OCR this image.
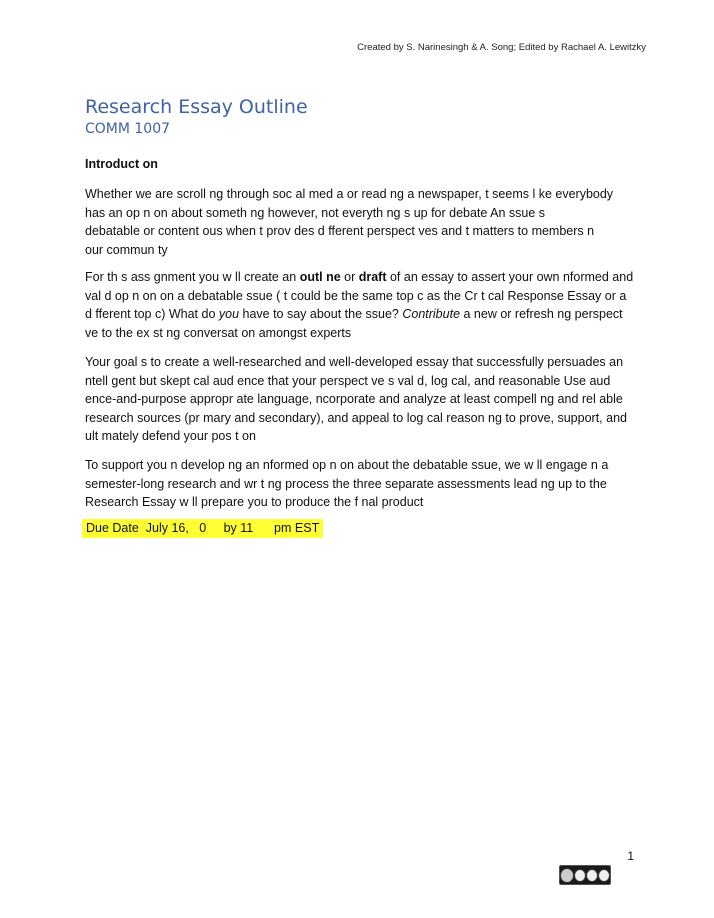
Created by S. Narinesingh & A. Song; Edited by Rachael A. Lewitzky
Research Essay Outline
COMM 1007
Introduct on
Whether we are scroll ng through soc al med a or read ng a newspaper, t seems l ke everybody
has an op n on about someth ng however, not everyth ng s up for debate An ssue s
debatable or content ous when t prov des d fferent perspect ves and t matters to members n
our commun ty
For th s ass gnment you w ll create an outl ne or draft of an essay to assert your own nformed and val d op n on on a debatable ssue ( t could be the same top c as the Cr t cal Response Essay or a d fferent top c) What do you have to say about the ssue? Contribute a new or refresh ng perspect ve to the ex st ng conversat on amongst experts
Your goal s to create a well-researched and well-developed essay that successfully persuades an ntell gent but skept cal aud ence that your perspect ve s val d, log cal, and reasonable Use aud ence-and-purpose appropr ate language, ncorporate and analyze at least compell ng and rel able research sources (pr mary and secondary), and appeal to log cal reason ng to prove, support, and ult mately defend your pos t on
To support you n develop ng an nformed op n on about the debatable ssue, we w ll engage n a semester-long research and wr t ng process the three separate assessments lead ng up to the Research Essay w ll prepare you to produce the f nal product
Due Date  July 16,   0     by 11      pm EST
1
